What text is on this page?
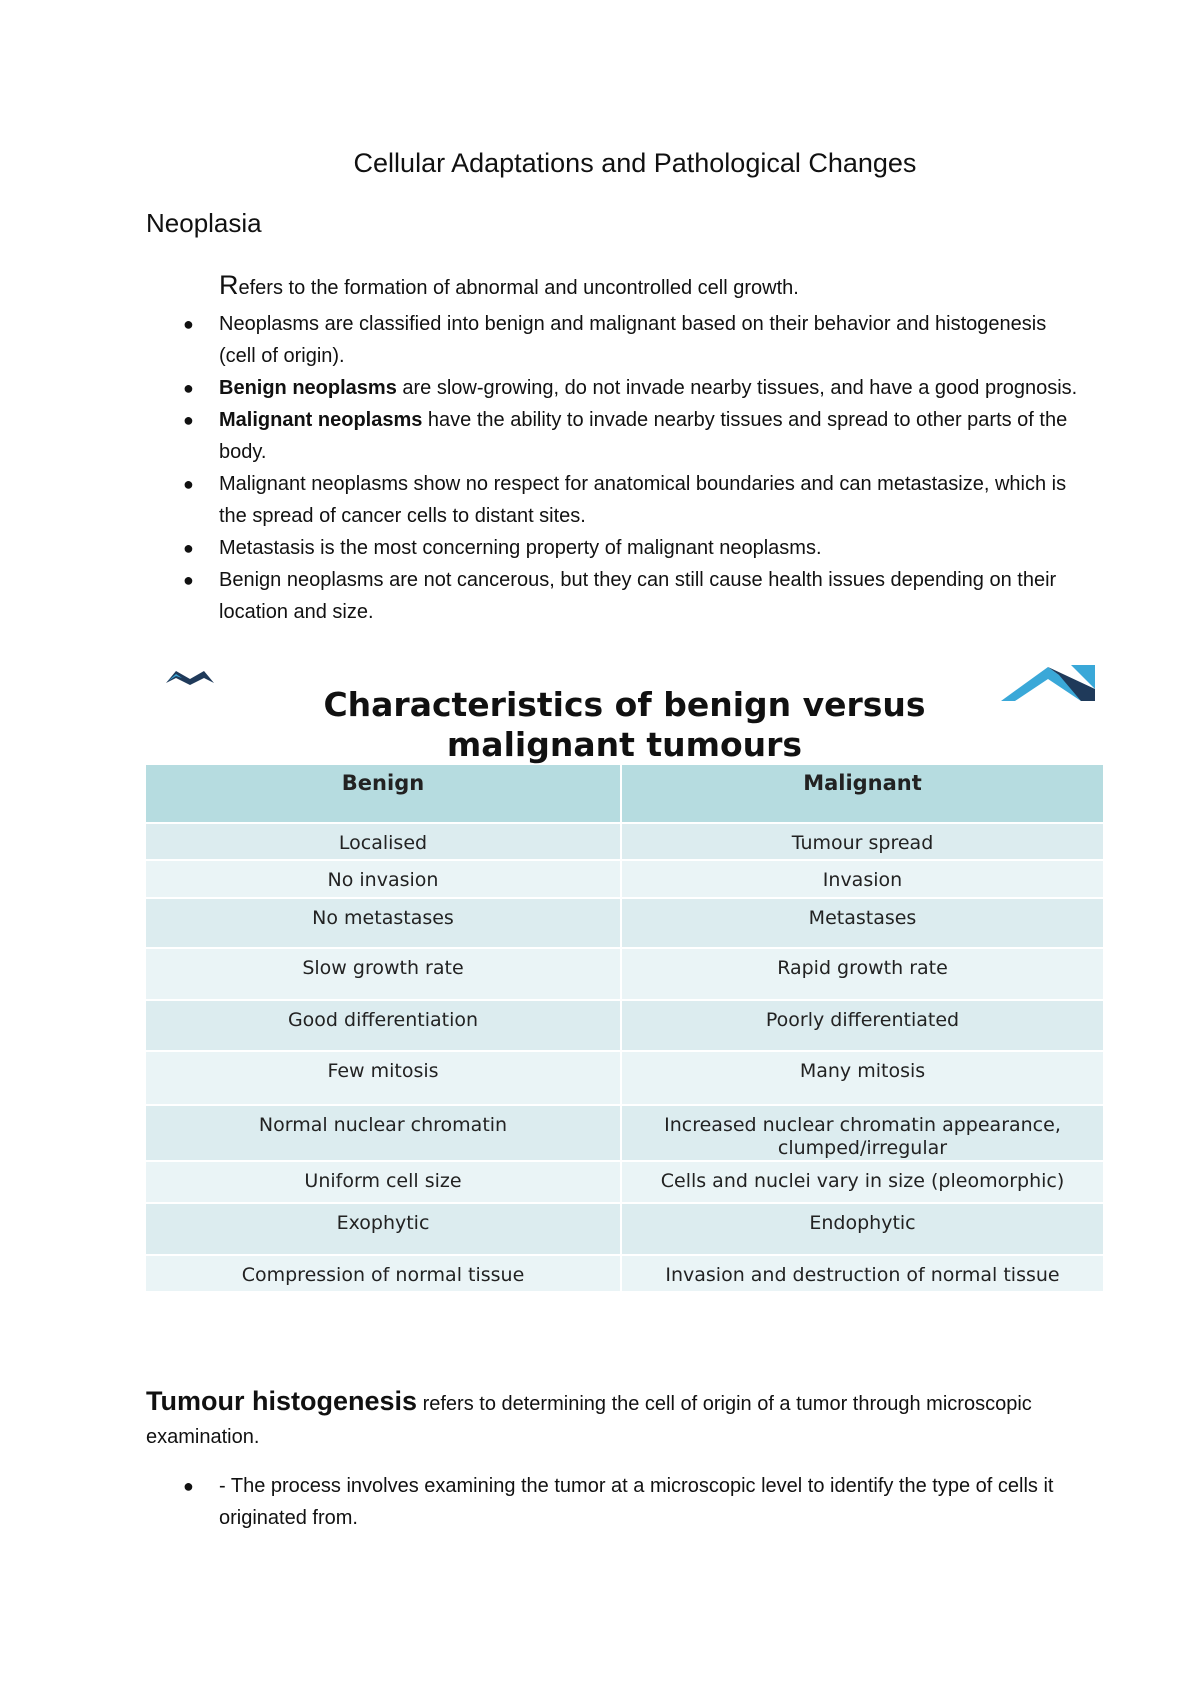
Cellular Adaptations and Pathological Changes
Neoplasia

Refers to the formation of abnormal and uncontrolled cell growth.

● Neoplasms are classified into benign and malignant based on their behavior and histogenesis (cell of origin).
● Benign neoplasms are slow-growing, do not invade nearby tissues, and have a good prognosis.
● Malignant neoplasms have the ability to invade nearby tissues and spread to other parts of the body.
● Malignant neoplasms show no respect for anatomical boundaries and can metastasize, which is the spread of cancer cells to distant sites.
● Metastasis is the most concerning property of malignant neoplasms.
● Benign neoplasms are not cancerous, but they can still cause health issues depending on their location and size.
Characteristics of benign versus
malignant tumours
Benign	Malignant
Localised	Tumour spread
No invasion	Invasion
No metastases	Metastases
Slow growth rate	Rapid growth rate
Good differentiation	Poorly differentiated
Few mitosis	Many mitosis
Normal nuclear chromatin	Increased nuclear chromatin appearance, clumped/irregular
Uniform cell size	Cells and nuclei vary in size (pleomorphic)
Exophytic	Endophytic
Compression of normal tissue	Invasion and destruction of normal tissue

Tumour histogenesis refers to determining the cell of origin of a tumor through microscopic examination.

● - The process involves examining the tumor at a microscopic level to identify the type of cells it originated from.
